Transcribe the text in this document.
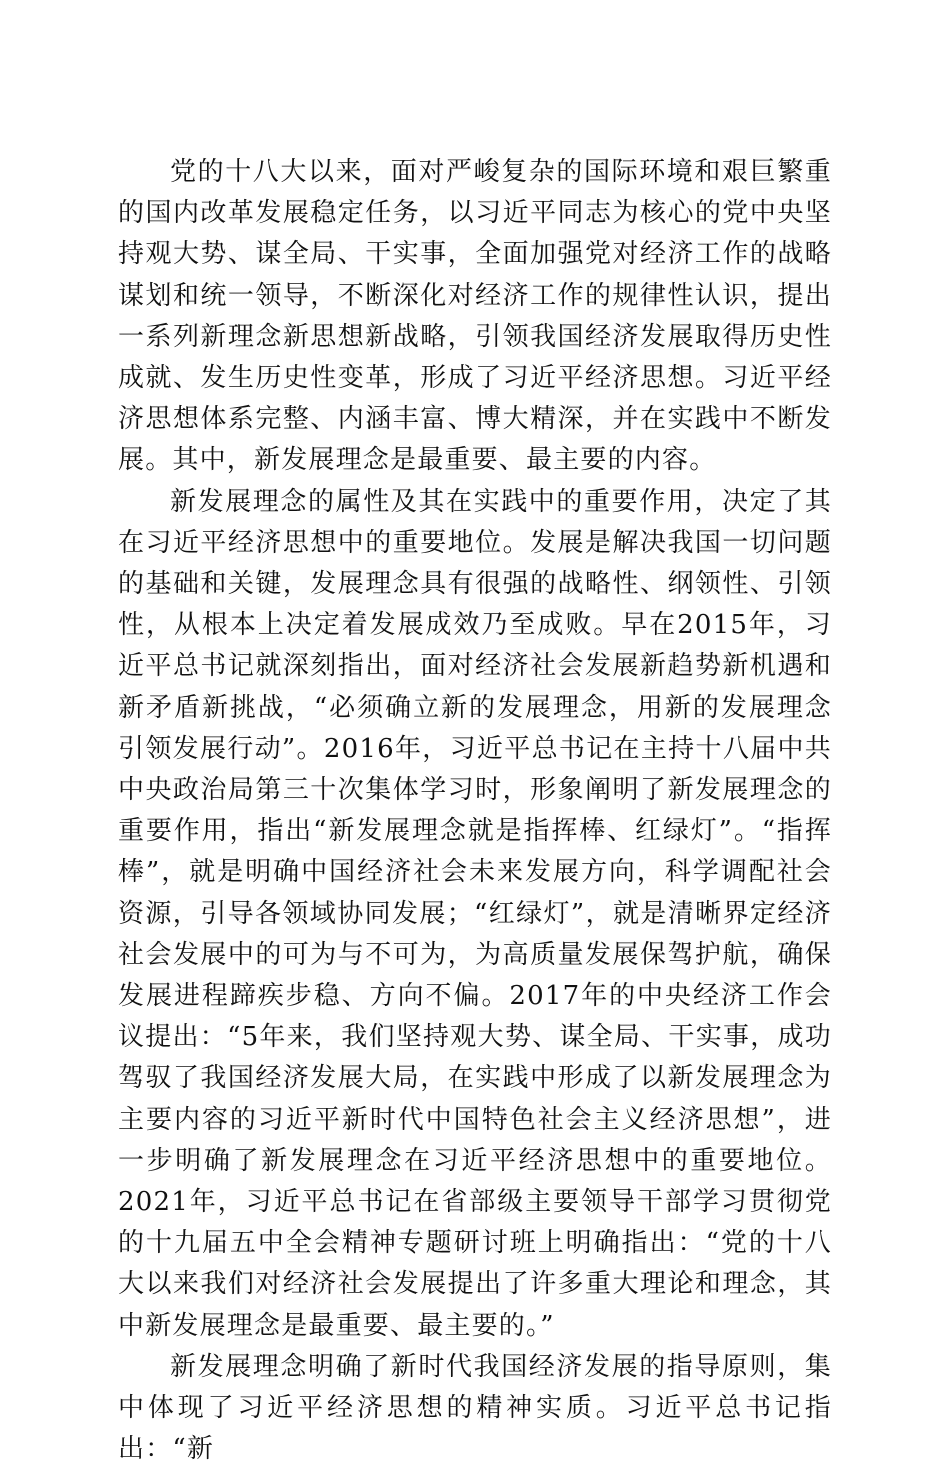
党的十八大以来，面对严峻复杂的国际环境和艰巨繁重的国内改革发展稳定任务，以习近平同志为核心的党中央坚持观大势、谋全局、干实事，全面加强党对经济工作的战略谋划和统一领导，不断深化对经济工作的规律性认识，提出一系列新理念新思想新战略，引领我国经济发展取得历史性成就、发生历史性变革，形成了习近平经济思想。习近平经济思想体系完整、内涵丰富、博大精深，并在实践中不断发展。其中，新发展理念是最重要、最主要的内容。

新发展理念的属性及其在实践中的重要作用，决定了其在习近平经济思想中的重要地位。发展是解决我国一切问题的基础和关键，发展理念具有很强的战略性、纲领性、引领性，从根本上决定着发展成效乃至成败。早在2015年，习近平总书记就深刻指出，面对经济社会发展新趋势新机遇和新矛盾新挑战，“必须确立新的发展理念，用新的发展理念引领发展行动”。2016年，习近平总书记在主持十八届中共中央政治局第三十次集体学习时，形象阐明了新发展理念的重要作用，指出“新发展理念就是指挥棒、红绿灯”。“指挥棒”，就是明确中国经济社会未来发展方向，科学调配社会资源，引导各领域协同发展；“红绿灯”，就是清晰界定经济社会发展中的可为与不可为，为高质量发展保驾护航，确保发展进程蹄疾步稳、方向不偏。2017年的中央经济工作会议提出：“5年来，我们坚持观大势、谋全局、干实事，成功驾驭了我国经济发展大局，在实践中形成了以新发展理念为主要内容的习近平新时代中国特色社会主义经济思想”，进一步明确了新发展理念在习近平经济思想中的重要地位。2021年，习近平总书记在省部级主要领导干部学习贯彻党的十九届五中全会精神专题研讨班上明确指出：“党的十八大以来我们对经济社会发展提出了许多重大理论和理念，其中新发展理念是最重要、最主要的。”

新发展理念明确了新时代我国经济发展的指导原则，集中体现了习近平经济思想的精神实质。习近平总书记指出：“新
